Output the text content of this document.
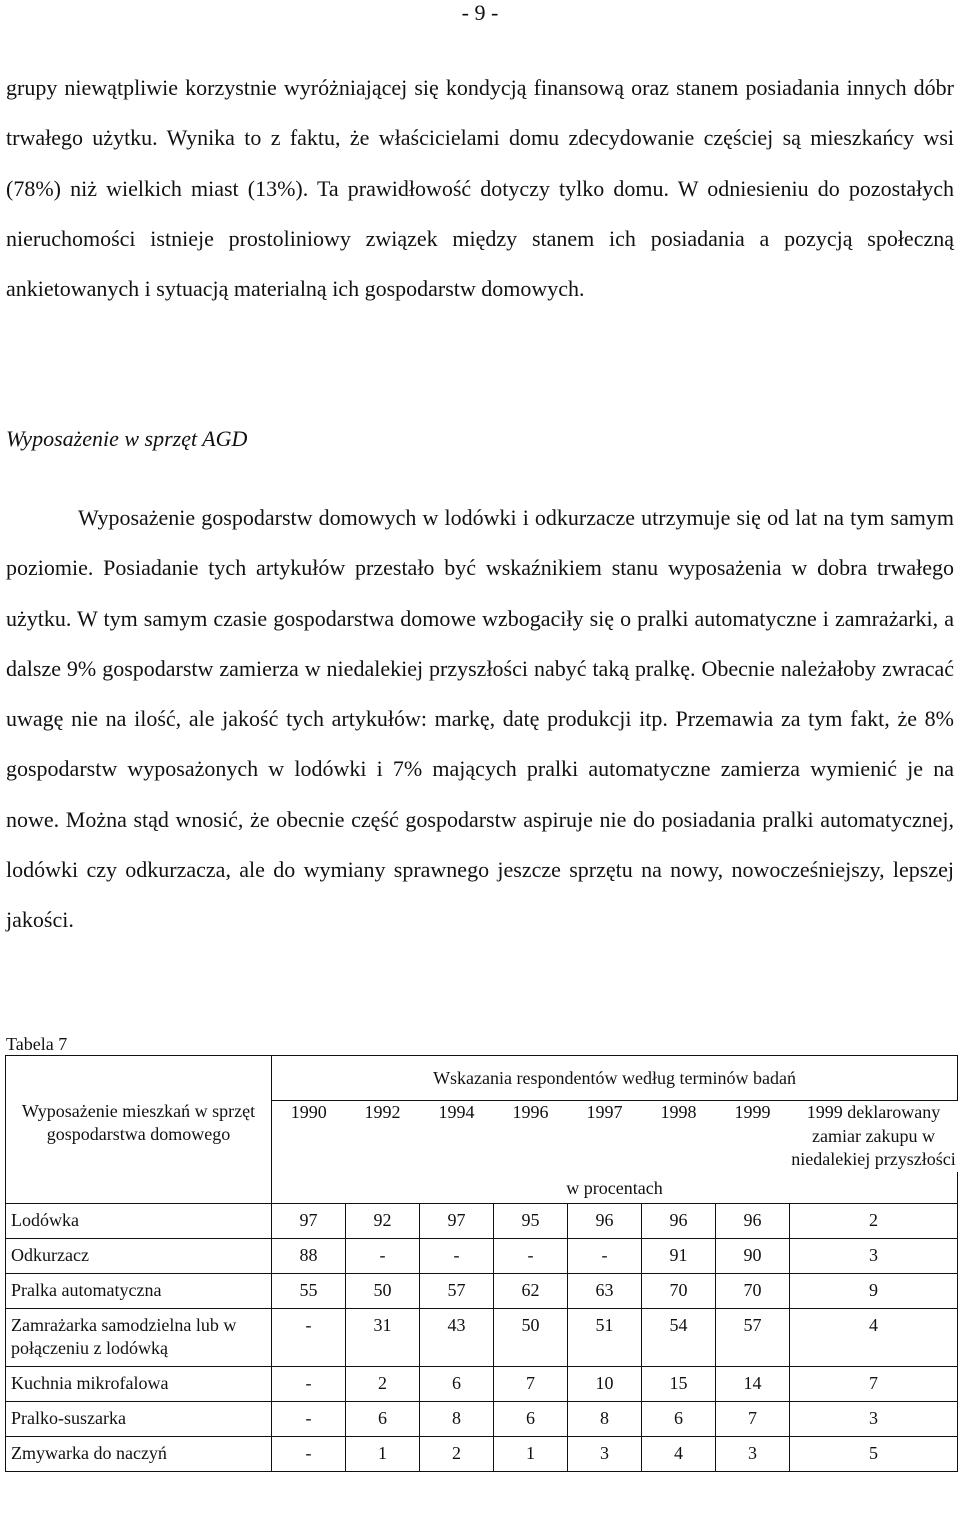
- 9 -

grupy niewątpliwie korzystnie wyróżniającej się kondycją finansową oraz stanem posiadania innych dóbr trwałego użytku. Wynika to z faktu, że właścicielami domu zdecydowanie częściej są mieszkańcy wsi (78%) niż wielkich miast (13%). Ta prawidłowość dotyczy tylko domu. W odniesieniu do pozostałych nieruchomości istnieje prostoliniowy związek między stanem ich posiadania a pozycją społeczną ankietowanych i sytuacją materialną ich gospodarstw domowych.

Wyposażenie w sprzęt AGD

Wyposażenie gospodarstw domowych w lodówki i odkurzacze utrzymuje się od lat na tym samym poziomie. Posiadanie tych artykułów przestało być wskaźnikiem stanu wyposażenia w dobra trwałego użytku. W tym samym czasie gospodarstwa domowe wzbogaciły się o pralki automatyczne i zamrażarki, a dalsze 9% gospodarstw zamierza w niedalekiej przyszłości nabyć taką pralkę. Obecnie należałoby zwracać uwagę nie na ilość, ale jakość tych artykułów: markę, datę produkcji itp. Przemawia za tym fakt, że 8% gospodarstw wyposażonych w lodówki i 7% mających pralki automatyczne zamierza wymienić je na nowe. Można stąd wnosić, że obecnie część gospodarstw aspiruje nie do posiadania pralki automatycznej, lodówki czy odkurzacza, ale do wymiany sprawnego jeszcze sprzętu na nowy, nowocześniejszy, lepszej jakości.

Tabela 7
Wyposażenie mieszkań w sprzęt gospodarstwa domowego	Wskazania respondentów według terminów badań							
	1990	1992	1994	1996	1997	1998	1999	1999 deklarowany zamiar zakupu w niedalekiej przyszłości
	w procentach							
Lodówka	97	92	97	95	96	96	96	2
Odkurzacz	88	-	-	-	-	91	90	3
Pralka automatyczna	55	50	57	62	63	70	70	9
Zamrażarka samodzielna lub w połączeniu z lodówką	-	31	43	50	51	54	57	4
Kuchnia mikrofalowa	-	2	6	7	10	15	14	7
Pralko-suszarka	-	6	8	6	8	6	7	3
Zmywarka do naczyń	-	1	2	1	3	4	3	5
